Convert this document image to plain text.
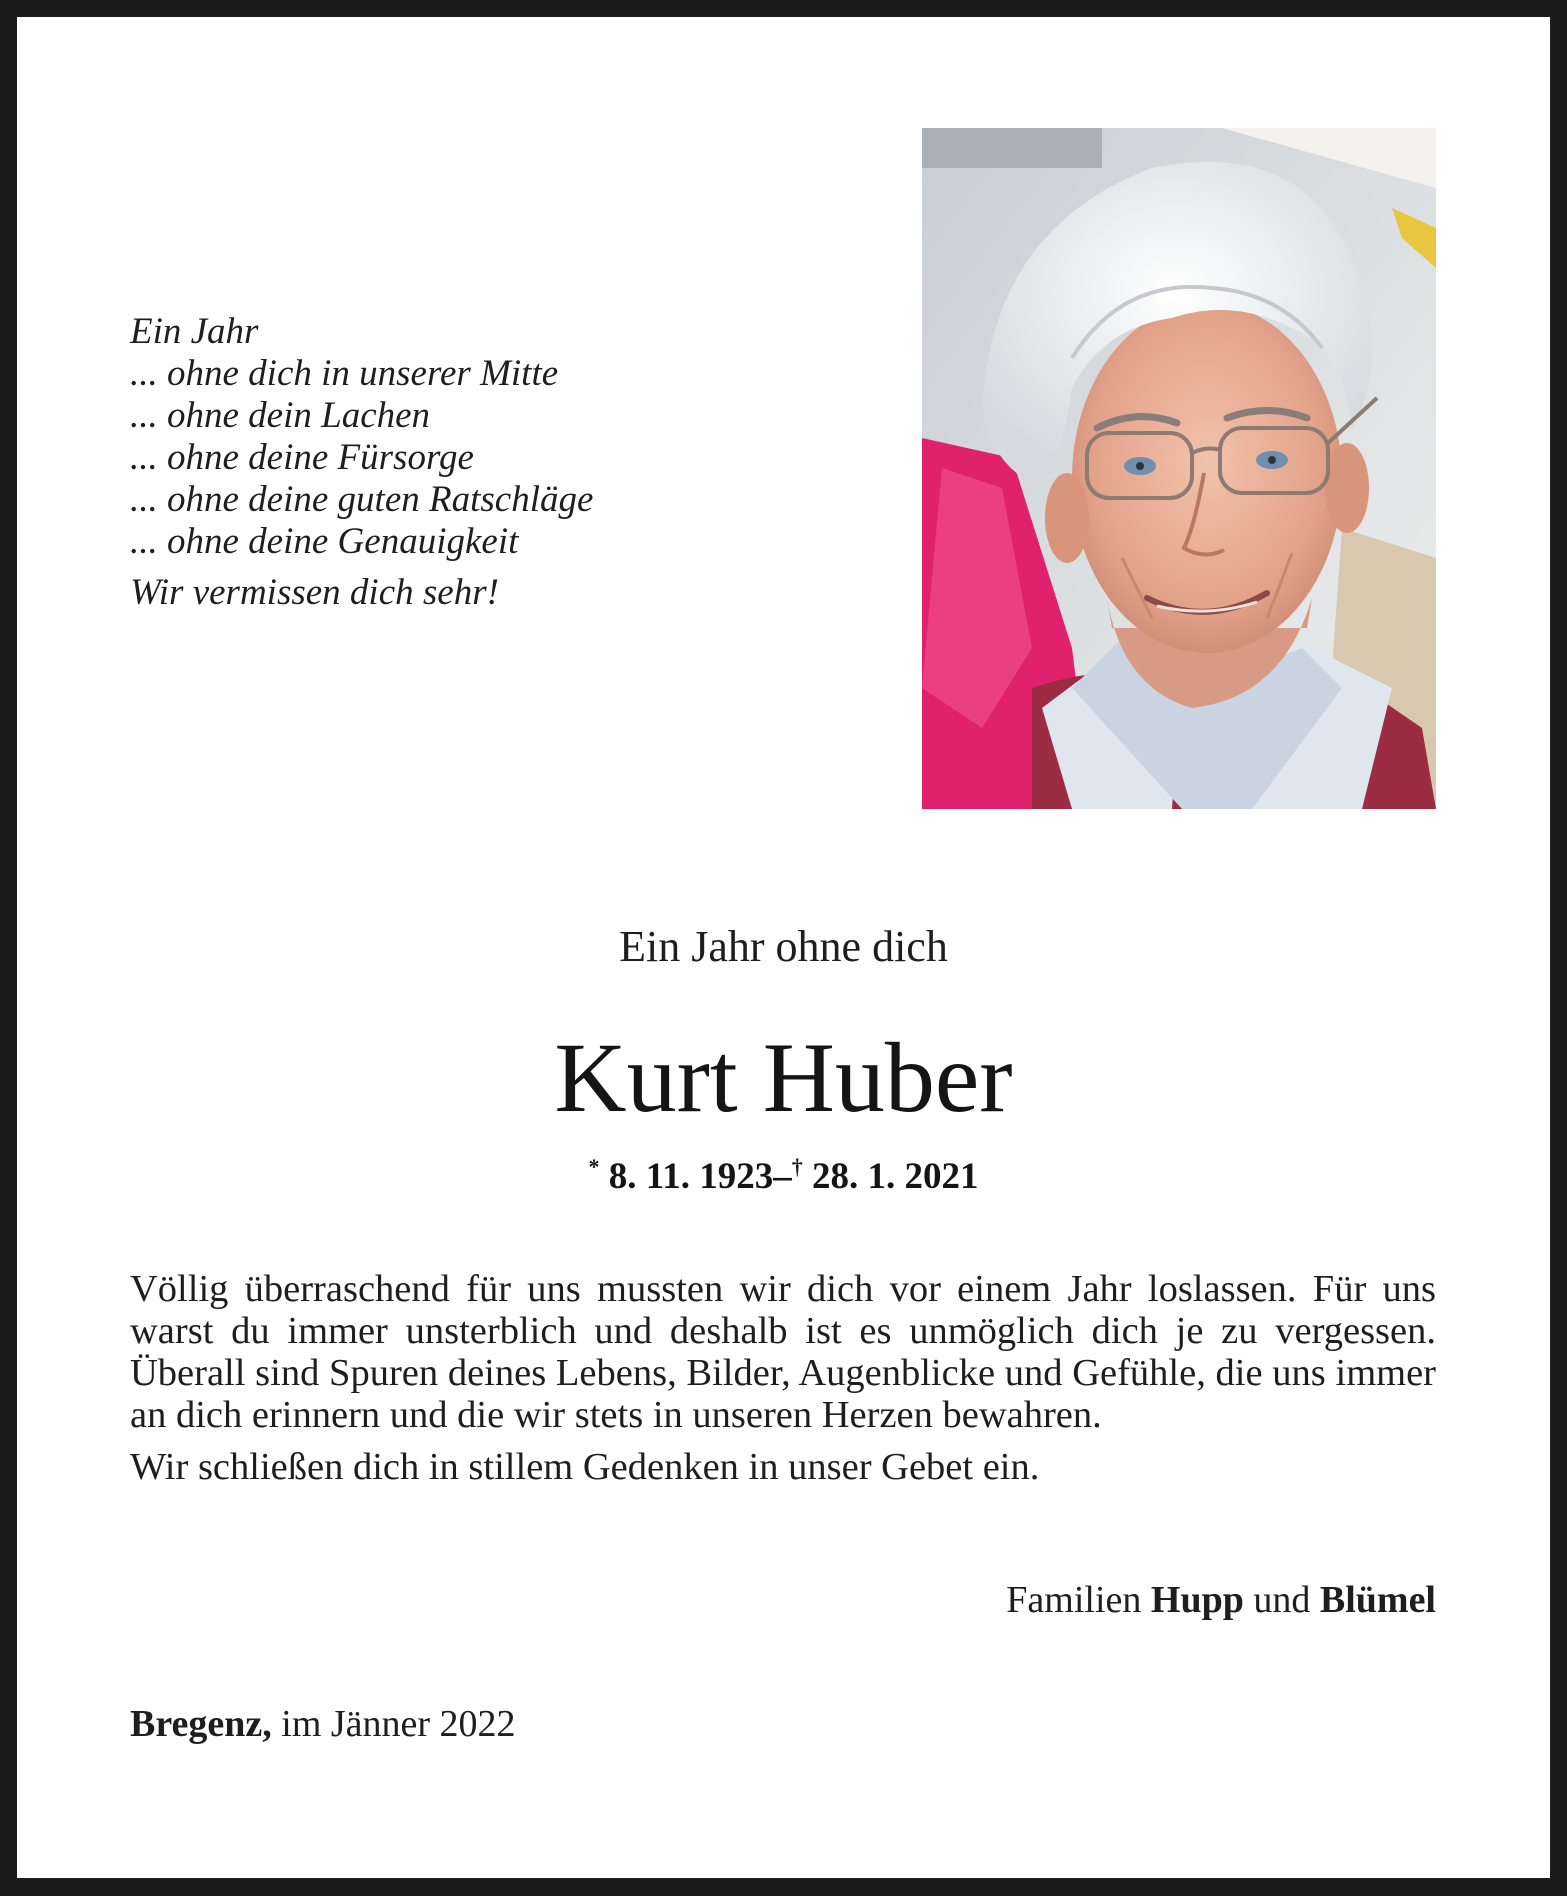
Ein Jahr
... ohne dich in unserer Mitte
... ohne dein Lachen
... ohne deine Fürsorge
... ohne deine guten Ratschläge
... ohne deine Genauigkeit
Wir vermissen dich sehr!
Ein Jahr ohne dich
Kurt Huber
* 8. 11. 1923–† 28. 1. 2021
Völlig überraschend für uns mussten wir dich vor einem Jahr loslassen. Für uns warst du immer unsterblich und deshalb ist es unmöglich dich je zu vergessen. Überall sind Spuren deines Lebens, Bilder, Augenblicke und Gefühle, die uns immer an dich erinnern und die wir stets in unseren Herzen bewahren.
Wir schließen dich in stillem Gedenken in unser Gebet ein.
Familien Hupp und Blümel
Bregenz, im Jänner 2022
